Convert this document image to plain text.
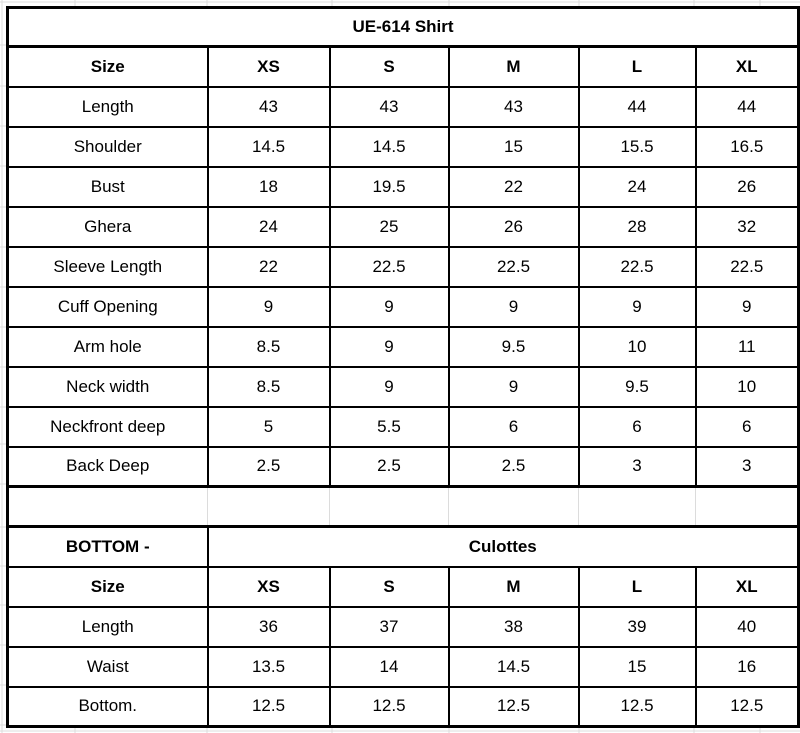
UE-614 Shirt					
Size	XS	S	M	L	XL
Length	43	43	43	44	44
Shoulder	14.5	14.5	15	15.5	16.5
Bust	18	19.5	22	24	26
Ghera	24	25	26	28	32
Sleeve Length	22	22.5	22.5	22.5	22.5
Cuff Opening	9	9	9	9	9
Arm hole	8.5	9	9.5	10	11
Neck width	8.5	9	9	9.5	10
Neckfront deep	5	5.5	6	6	6
Back Deep	2.5	2.5	2.5	3	3

BOTTOM -	Culottes				
Size	XS	S	M	L	XL
Length	36	37	38	39	40
Waist	13.5	14	14.5	15	16
Bottom.	12.5	12.5	12.5	12.5	12.5
